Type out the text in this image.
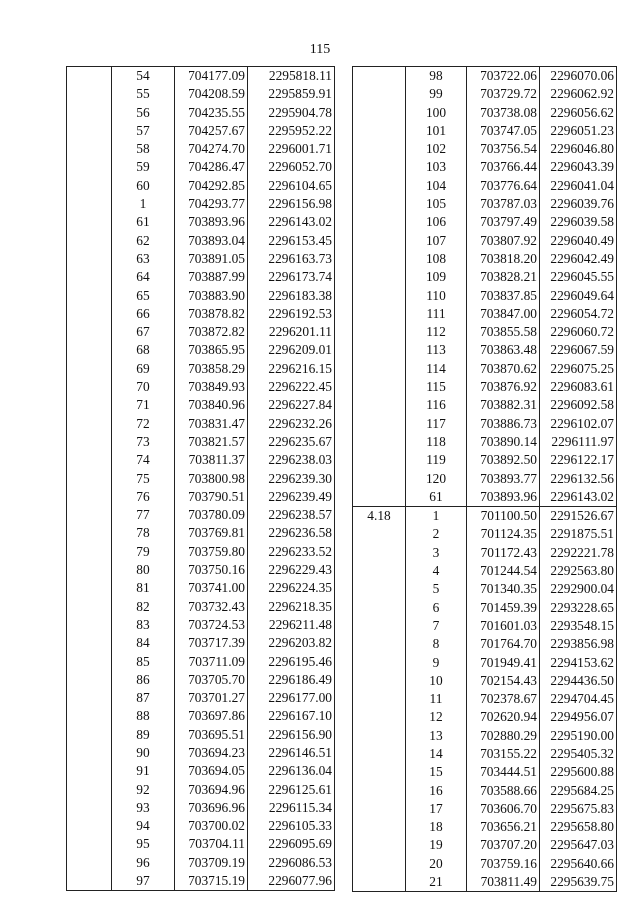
115
	54	704177.09	2295818.11
	55	704208.59	2295859.91
	56	704235.55	2295904.78
	57	704257.67	2295952.22
	58	704274.70	2296001.71
	59	704286.47	2296052.70
	60	704292.85	2296104.65
	1	704293.77	2296156.98
	61	703893.96	2296143.02
	62	703893.04	2296153.45
	63	703891.05	2296163.73
	64	703887.99	2296173.74
	65	703883.90	2296183.38
	66	703878.82	2296192.53
	67	703872.82	2296201.11
	68	703865.95	2296209.01
	69	703858.29	2296216.15
	70	703849.93	2296222.45
	71	703840.96	2296227.84
	72	703831.47	2296232.26
	73	703821.57	2296235.67
	74	703811.37	2296238.03
	75	703800.98	2296239.30
	76	703790.51	2296239.49
	77	703780.09	2296238.57
	78	703769.81	2296236.58
	79	703759.80	2296233.52
	80	703750.16	2296229.43
	81	703741.00	2296224.35
	82	703732.43	2296218.35
	83	703724.53	2296211.48
	84	703717.39	2296203.82
	85	703711.09	2296195.46
	86	703705.70	2296186.49
	87	703701.27	2296177.00
	88	703697.86	2296167.10
	89	703695.51	2296156.90
	90	703694.23	2296146.51
	91	703694.05	2296136.04
	92	703694.96	2296125.61
	93	703696.96	2296115.34
	94	703700.02	2296105.33
	95	703704.11	2296095.69
	96	703709.19	2296086.53
	97	703715.19	2296077.96
	98	703722.06	2296070.06
	99	703729.72	2296062.92
	100	703738.08	2296056.62
	101	703747.05	2296051.23
	102	703756.54	2296046.80
	103	703766.44	2296043.39
	104	703776.64	2296041.04
	105	703787.03	2296039.76
	106	703797.49	2296039.58
	107	703807.92	2296040.49
	108	703818.20	2296042.49
	109	703828.21	2296045.55
	110	703837.85	2296049.64
	111	703847.00	2296054.72
	112	703855.58	2296060.72
	113	703863.48	2296067.59
	114	703870.62	2296075.25
	115	703876.92	2296083.61
	116	703882.31	2296092.58
	117	703886.73	2296102.07
	118	703890.14	2296111.97
	119	703892.50	2296122.17
	120	703893.77	2296132.56
	61	703893.96	2296143.02
4.18	1	701100.50	2291526.67
	2	701124.35	2291875.51
	3	701172.43	2292221.78
	4	701244.54	2292563.80
	5	701340.35	2292900.04
	6	701459.39	2293228.65
	7	701601.03	2293548.15
	8	701764.70	2293856.98
	9	701949.41	2294153.62
	10	702154.43	2294436.50
	11	702378.67	2294704.45
	12	702620.94	2294956.07
	13	702880.29	2295190.00
	14	703155.22	2295405.32
	15	703444.51	2295600.88
	16	703588.66	2295684.25
	17	703606.70	2295675.83
	18	703656.21	2295658.80
	19	703707.20	2295647.03
	20	703759.16	2295640.66
	21	703811.49	2295639.75
